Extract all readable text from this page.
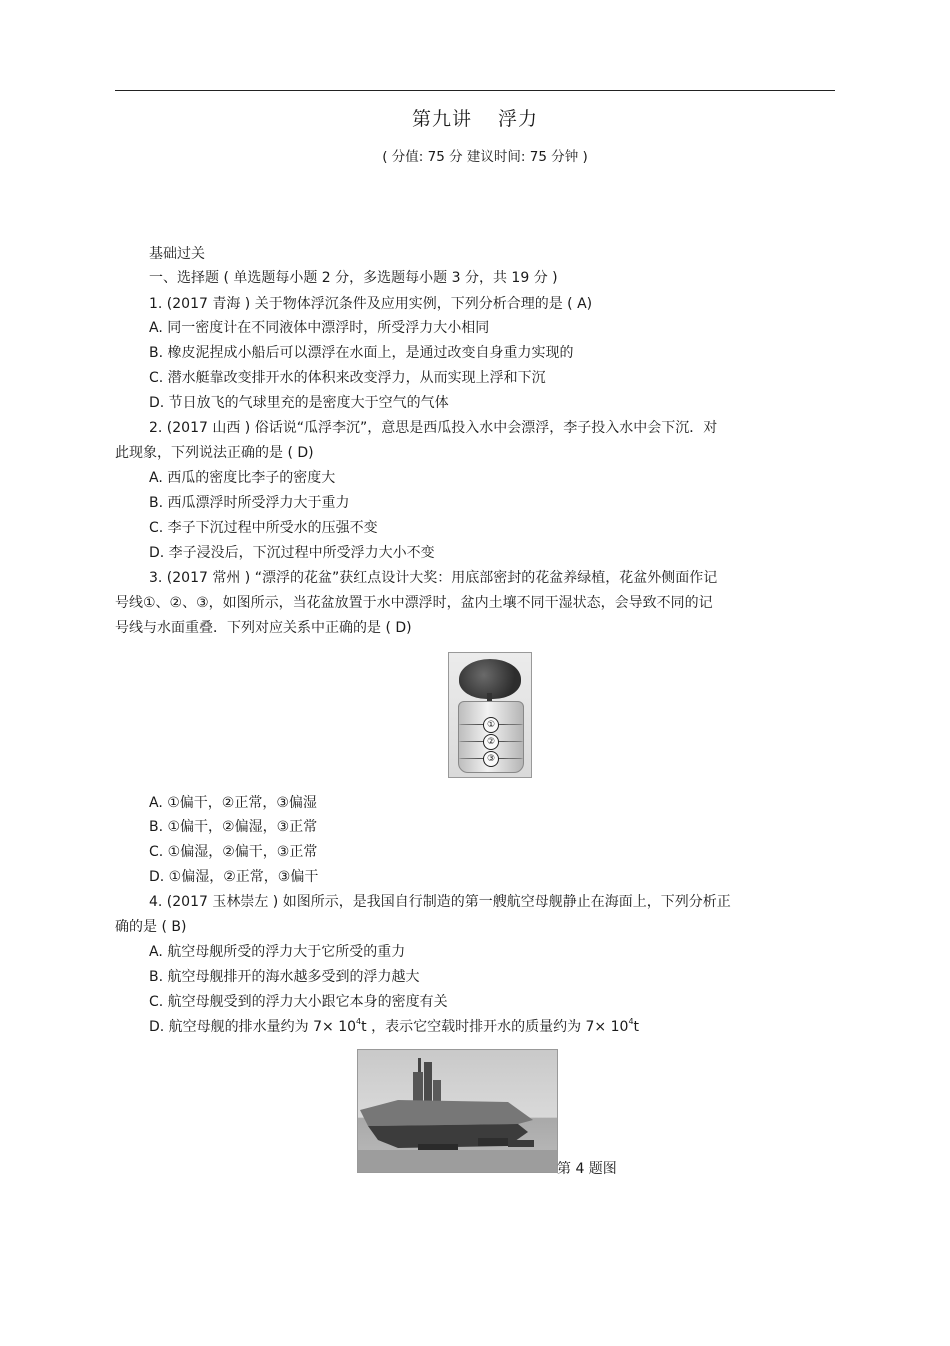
第九讲 浮力
( 分值: 75 分 建议时间: 75 分钟 )
基础过关
一、选择题 ( 单选题每小题 2 分，多选题每小题 3 分，共 19 分 )
1. (2017 青海 ) 关于物体浮沉条件及应用实例，下列分析合理的是 ( A)
A. 同一密度计在不同液体中漂浮时，所受浮力大小相同
B. 橡皮泥捏成小船后可以漂浮在水面上，是通过改变自身重力实现的
C. 潜水艇靠改变排开水的体积来改变浮力，从而实现上浮和下沉
D. 节日放飞的气球里充的是密度大于空气的气体
2. (2017 山西 ) 俗话说“瓜浮李沉”，意思是西瓜投入水中会漂浮，李子投入水中会下沉．对
此现象，下列说法正确的是 ( D)
A. 西瓜的密度比李子的密度大
B. 西瓜漂浮时所受浮力大于重力
C. 李子下沉过程中所受水的压强不变
D. 李子浸没后，下沉过程中所受浮力大小不变
3. (2017 常州 ) “漂浮的花盆”获红点设计大奖：用底部密封的花盆养绿植，花盆外侧面作记
号线①、②、③，如图所示，当花盆放置于水中漂浮时，盆内土壤不同干湿状态，会导致不同的记
号线与水面重叠．下列对应关系中正确的是 ( D)
①
②
③
A. ①偏干，②正常，③偏湿
B. ①偏干，②偏湿，③正常
C. ①偏湿，②偏干，③正常
D. ①偏湿，②正常，③偏干
4. (2017 玉林崇左 ) 如图所示，是我国自行制造的第一艘航空母舰静止在海面上，下列分析正
确的是 ( B)
A. 航空母舰所受的浮力大于它所受的重力
B. 航空母舰排开的海水越多受到的浮力越大
C. 航空母舰受到的浮力大小跟它本身的密度有关
D. 航空母舰的排水量约为 $7\times 10^4t$ ，表示它空载时排开水的质量约为 $7\times 10^4t$
第 4 题图
